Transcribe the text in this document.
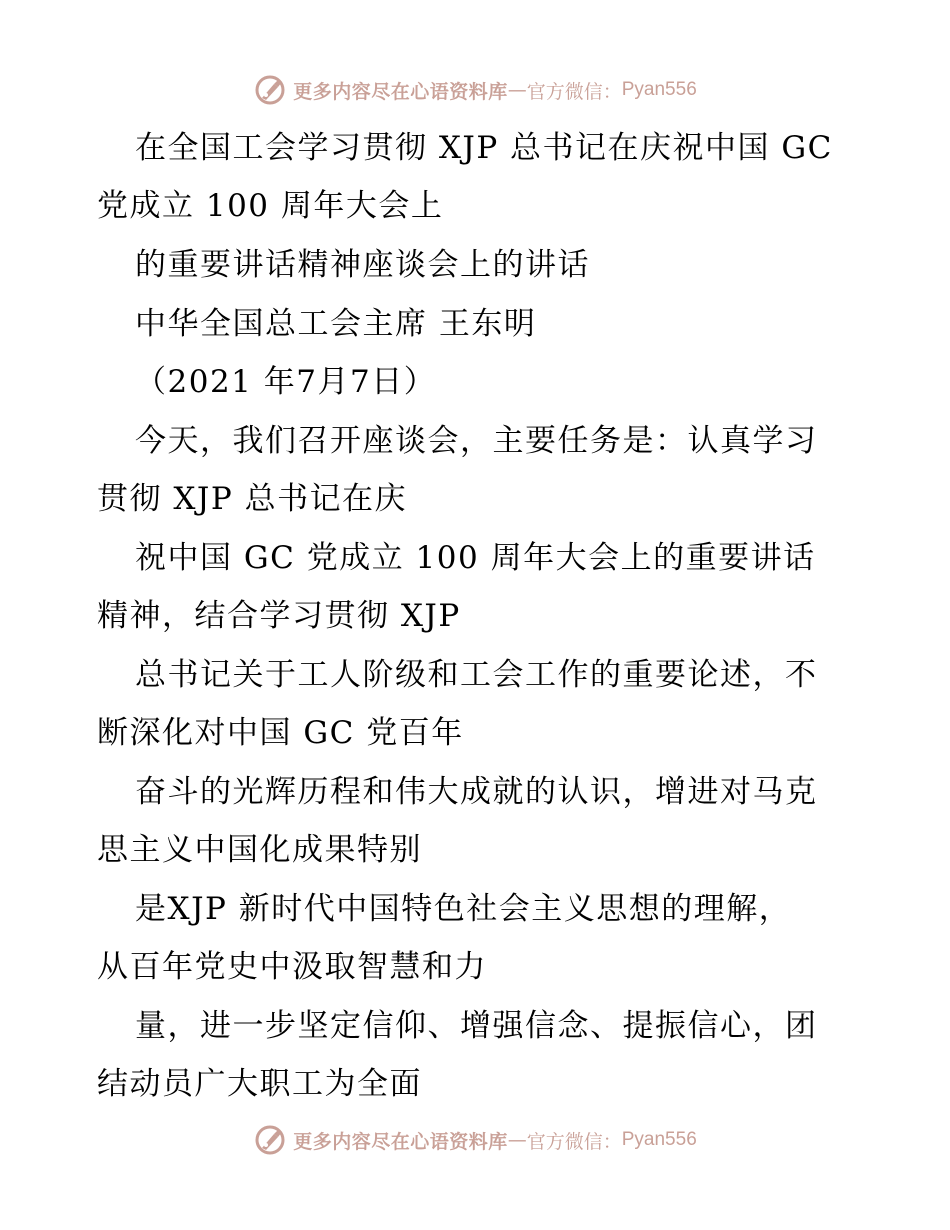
更多内容尽在心语资料库 — 官方微信： Pyan556
在全国工会学习贯彻 XJP 总书记在庆祝中国 GC
党成立 100 周年大会上
的重要讲话精神座谈会上的讲话
中华全国总工会主席 王东明
（2021 年7月7日）
今天，我们召开座谈会，主要任务是：认真学习
贯彻 XJP 总书记在庆
祝中国 GC 党成立 100 周年大会上的重要讲话
精神，结合学习贯彻 XJP
总书记关于工人阶级和工会工作的重要论述，不
断深化对中国 GC 党百年
奋斗的光辉历程和伟大成就的认识，增进对马克
思主义中国化成果特别
是XJP 新时代中国特色社会主义思想的理解，
从百年党史中汲取智慧和力
量，进一步坚定信仰、增强信念、提振信心，团
结动员广大职工为全面
更多内容尽在心语资料库 — 官方微信： Pyan556
